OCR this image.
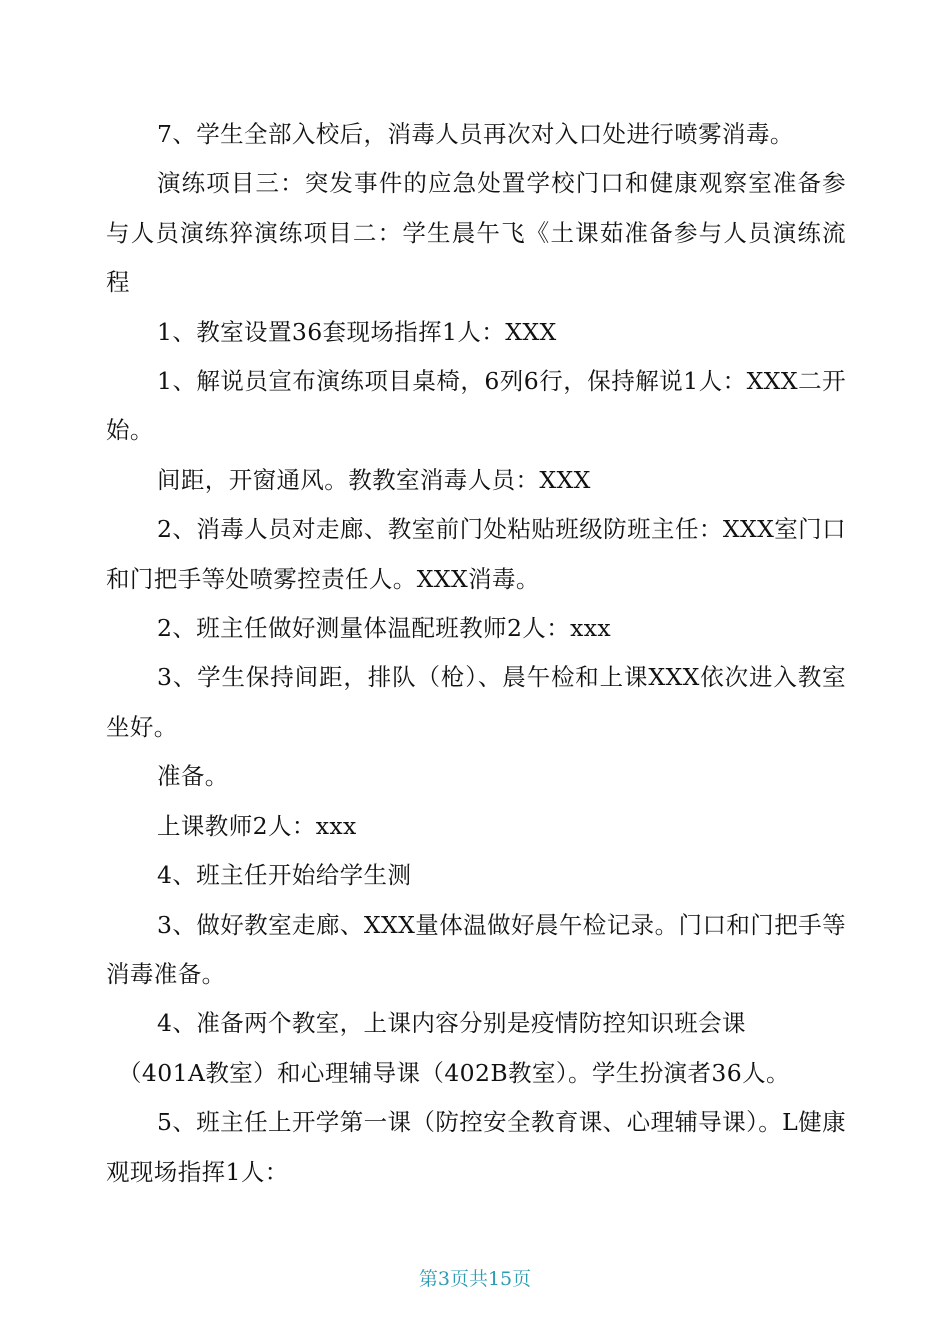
7、学生全部入校后，消毒人员再次对入口处进行喷雾消毒。

演练项目三：突发事件的应急处置学校门口和健康观察室准备参与人员演练猝演练项目二：学生晨午飞《土课茹准备参与人员演练流程

1、教室设置36套现场指挥1人：XXX

1、解说员宣布演练项目桌椅，6列6行，保持解说1人：XXX二开始。

间距，开窗通风。教教室消毒人员：XXX

2、消毒人员对走廊、教室前门处粘贴班级防班主任：XXX室门口和门把手等处喷雾控责任人。XXX消毒。

2、班主任做好测量体温配班教师2人：xxx

3、学生保持间距，排队（枪）、晨午检和上课XXX依次进入教室坐好。

准备。

上课教师2人：xxx

4、班主任开始给学生测

3、做好教室走廊、XXX量体温做好晨午检记录。门口和门把手等消毒准备。

4、准备两个教室，上课内容分别是疫情防控知识班会课

（401A教室）和心理辅导课（402B教室）。学生扮演者36人。

5、班主任上开学第一课（防控安全教育课、心理辅导课）。L健康观现场指挥1人：

第3页共15页
